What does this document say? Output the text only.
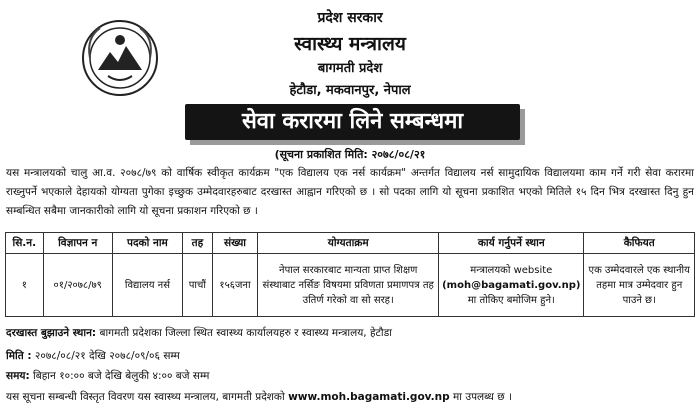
प्रदेश सरकार
स्वास्थ्य मन्त्रालय
बागमती प्रदेश
हेटौडा, मकवानपुर, नेपाल
सेवा करारमा लिने सम्बन्धमा
(सूचना प्रकाशित मिति: २०७८/०८/२१

यस मन्त्रालयको चालु आ.व. २०७८/७९ को वार्षिक स्वीकृत कार्यक्रम "एक विद्यालय एक नर्स कार्यक्रम" अन्तर्गत विद्यालय नर्स सामुदायिक विद्यालयमा काम गर्ने गरी सेवा करारमा राख्नुपर्ने भएकाले देहायको योग्यता पुगेका इच्छुक उम्मेदवारहरुबाट दरखास्त आह्वान गरिएको छ । सो पदका लागि यो सूचना प्रकाशित भएको मितिले १५ दिन भित्र दरखास्त दिनु हुन सम्बन्धित सबैमा जानकारीको लागि यो सूचना प्रकाशन गरिएको छ ।

सि.न.	विज्ञापन न	पदको नाम	तह	संख्या	योग्यताक्रम	कार्य गर्नुपर्ने स्थान	कैफियत
१	०१/२०७८/७९	विद्यालय नर्स	पाचौं	१५६जना	नेपाल सरकारबाट मान्यता प्राप्त शिक्षण संस्थाबाट नर्सिङ विषयमा प्रविणता प्रमाणपत्र तह उतिर्ण गरेको वा सो सरह।	मन्त्रालयको website
(moh@bagamati.gov.np)
मा तोकिए बमोजिम हुने।	एक उम्मेदवारले एक स्थानीय तहमा मात्र उम्मेदवार हुन पाउने छ।
दरखास्त बुझाउने स्थान: बागमती प्रदेशका जिल्ला स्थित स्वास्थ्य कार्यालयहरु र स्वास्थ्य मन्त्रालय, हेटौडा
मिति : २०७८/०८/२१ देखि २०७८/०९/०६ सम्म
समय: बिहान १०:०० बजे देखि बेलुकी ४:०० बजे सम्म
यस सूचना सम्बन्धी विस्तृत विवरण यस स्वास्थ्य मन्त्रालय, बागमती प्रदेशको www.moh.bagamati.gov.np मा उपलब्ध छ ।
